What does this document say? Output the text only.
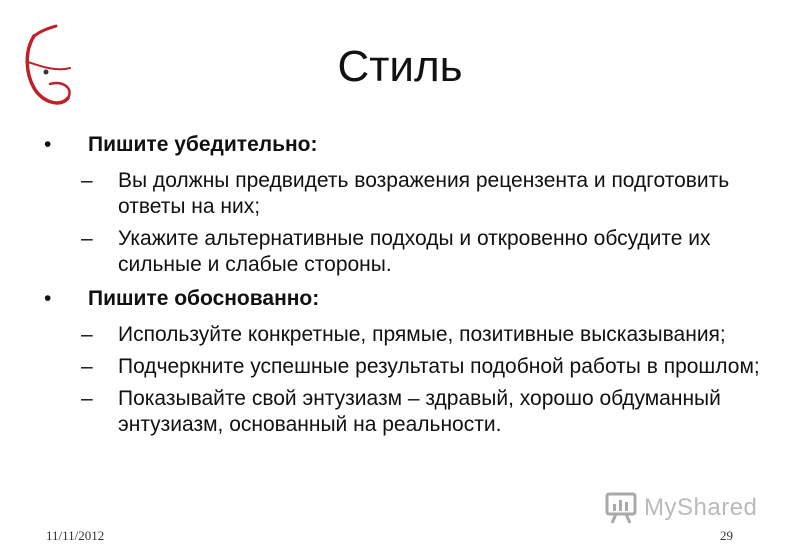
Стиль
• Пишите убедительно:
– Вы должны предвидеть возражения рецензента и подготовить ответы на них;
– Укажите альтернативные подходы и откровенно обсудите их сильные и слабые стороны.
• Пишите обоснованно:
– Используйте конкретные, прямые, позитивные высказывания;
– Подчеркните успешные результаты подобной работы в прошлом;
– Показывайте свой энтузиазм – здравый, хорошо обдуманный энтузиазм, основанный на реальности.
MyShared
11/11/2012	29
